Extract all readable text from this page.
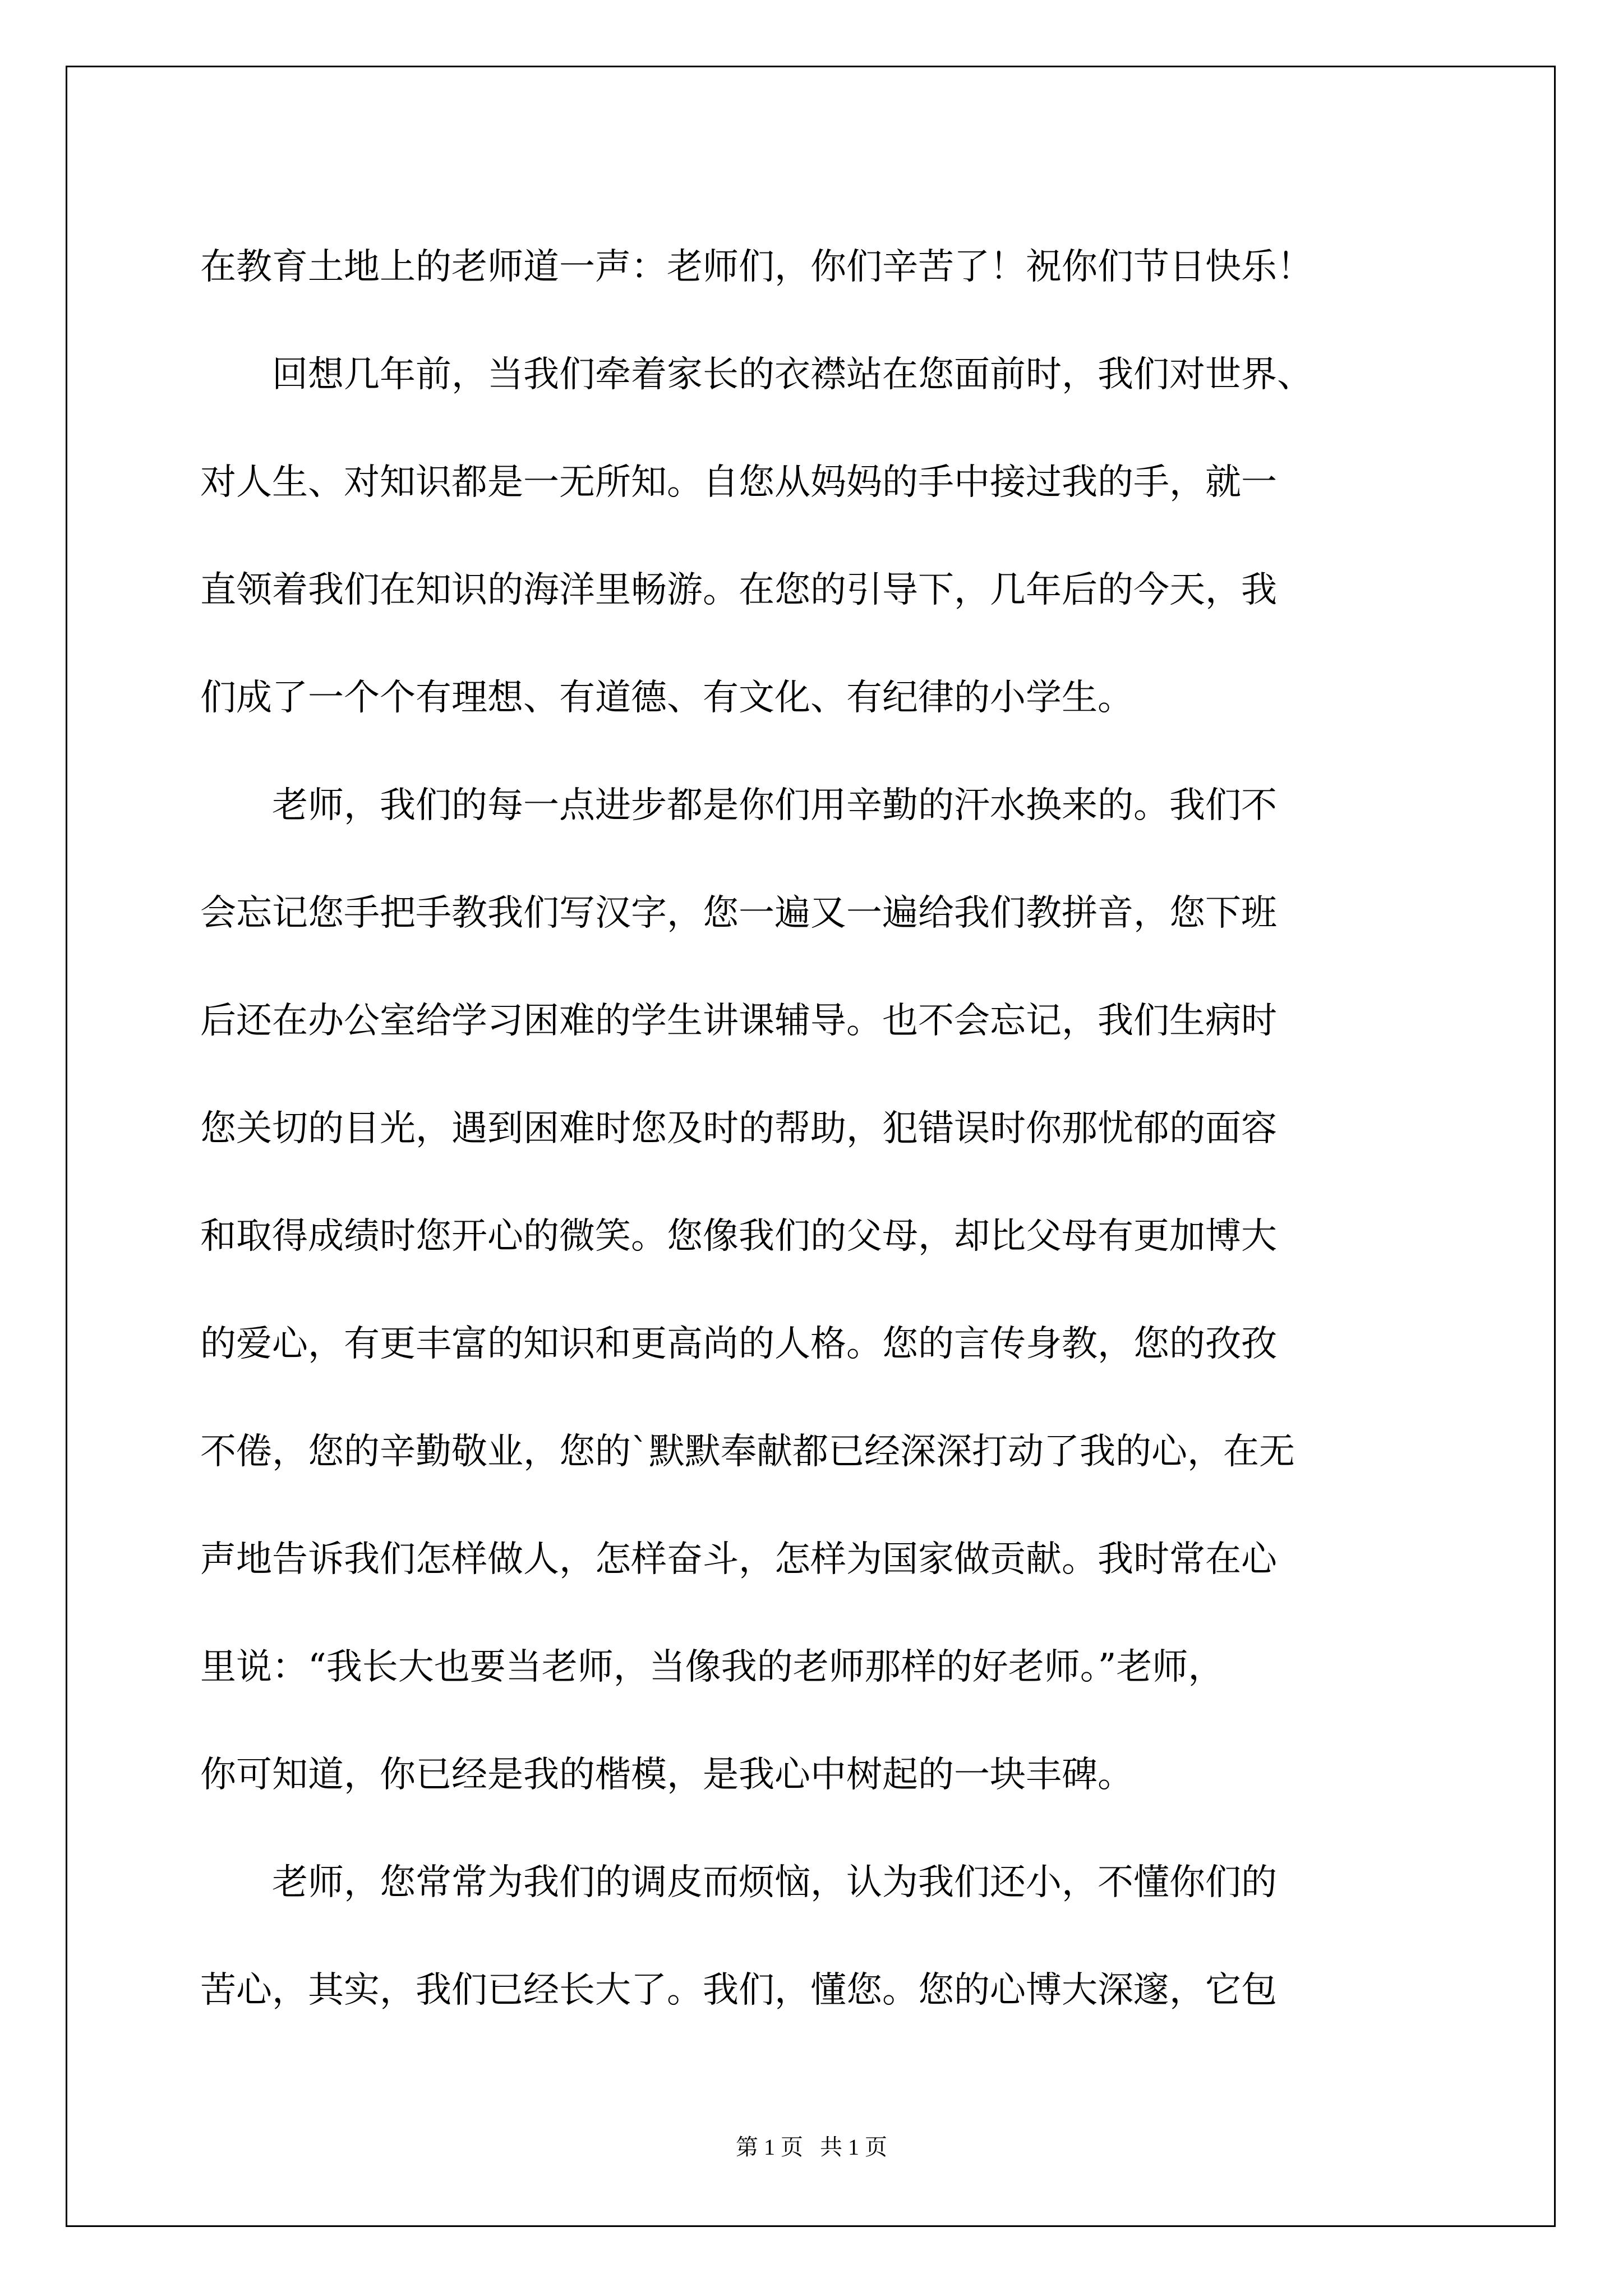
在教育土地上的老师道一声：老师们，你们辛苦了！祝你们节日快乐！
　　回想几年前，当我们牵着家长的衣襟站在您面前时，我们对世界、
对人生、对知识都是一无所知。自您从妈妈的手中接过我的手，就一
直领着我们在知识的海洋里畅游。在您的引导下，几年后的今天，我
们成了一个个有理想、有道德、有文化、有纪律的小学生。
　　老师，我们的每一点进步都是你们用辛勤的汗水换来的。我们不
会忘记您手把手教我们写汉字，您一遍又一遍给我们教拼音，您下班
后还在办公室给学习困难的学生讲课辅导。也不会忘记，我们生病时
您关切的目光，遇到困难时您及时的帮助，犯错误时你那忧郁的面容
和取得成绩时您开心的微笑。您像我们的父母，却比父母有更加博大
的爱心，有更丰富的知识和更高尚的人格。您的言传身教，您的孜孜
不倦，您的辛勤敬业，您的`默默奉献都已经深深打动了我的心，在无
声地告诉我们怎样做人，怎样奋斗，怎样为国家做贡献。我时常在心
里说：“我长大也要当老师，当像我的老师那样的好老师。”老师，
你可知道，你已经是我的楷模，是我心中树起的一块丰碑。
　　老师，您常常为我们的调皮而烦恼，认为我们还小，不懂你们的
苦心，其实，我们已经长大了。我们，懂您。您的心博大深邃，它包
第 1 页   共 1 页
